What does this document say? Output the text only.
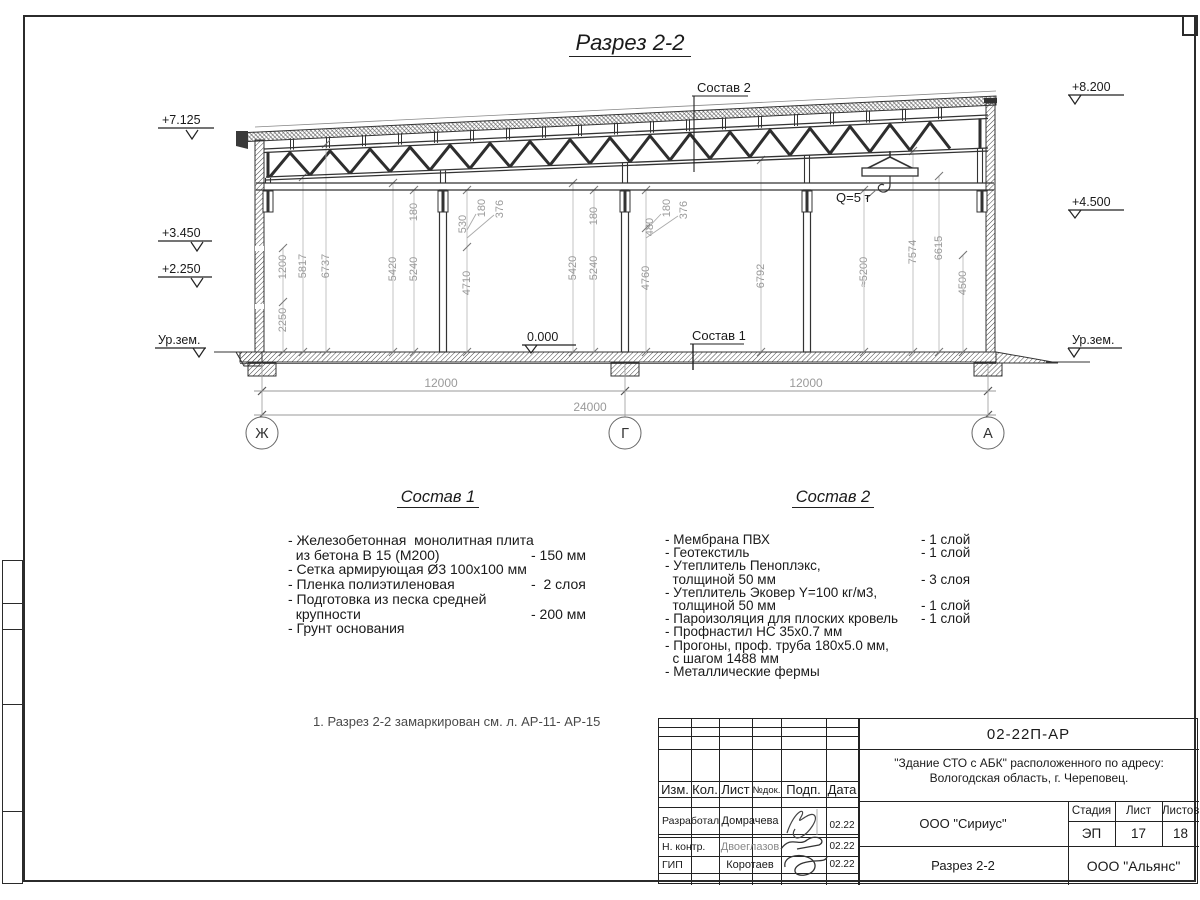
Разрез 2-2
Ж	Г	А
12000	12000
24000
+7.125
+3.450
+2.250
Ур.зем.	0.000
+8.200
+4.500
Ур.зем.
Состав 2
Состав 1
Q=5 т
1200
2250
5817 6737	5420 5240
180
4710
530
180 376
5420 5240
180
4760
480
180 376
6792	≈5200
7574 6615
4500
Состав 1
- Железобетонная  монолитная плита
из бетона В 15 (М200)	- 150 мм
- Сетка армирующая Ø3 100х100 мм
- Пленка полиэтиленовая	-  2 слоя
- Подготовка из песка средней
крупности	- 200 мм
- Грунт основания
Состав 2
- Мембрана ПВХ	- 1 слой
- Геотекстиль	- 1 слой
- Утеплитель Пеноплэкс,
толщиной 50 мм	- 3 слоя
- Утеплитель Эковер Y=100 кг/м3,
толщиной 50 мм	- 1 слой
- Пароизоляция для плоских кровель - 1 слой
- Профнастил НС 35х0.7 мм
- Прогоны, проф. труба 180х5.0 мм,
с шагом 1488 мм
- Металлические фермы
1. Разрез 2-2 замаркирован см. л. АР-11- АР-15
Изм. Кол. Лист №док. Подп. Дата
Разработал Домрачева	02.22
Н. контр.	Двоеглазов	02.22
ГИП	Коротаев	02.22
02-22П-АР
"Здание СТО с АБК" расположенного по адресу:
Вологодская область, г. Череповец.
ООО "Сириус"
Разрез 2-2
Стадия	Лист Листов
ЭП	17	18
ООО "Альянс"
